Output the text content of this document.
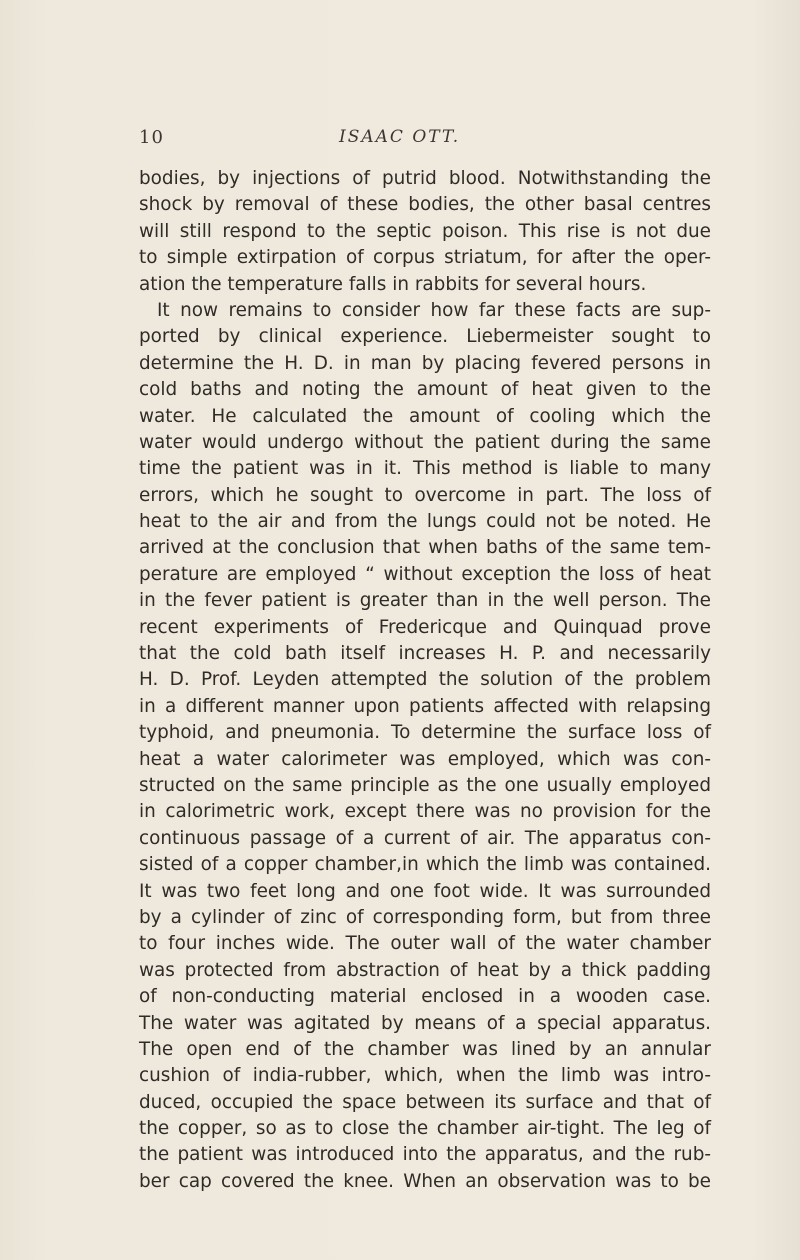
10	ISAAC OTT.
bodies, by injections of putrid blood. Notwithstanding the
shock by removal of these bodies, the other basal centres
will still respond to the septic poison. This rise is not due
to simple extirpation of corpus striatum, for after the oper-
ation the temperature falls in rabbits for several hours.
It now remains to consider how far these facts are sup-
ported by clinical experience. Liebermeister sought to
determine the H. D. in man by placing fevered persons in
cold baths and noting the amount of heat given to the
water. He calculated the amount of cooling which the
water would undergo without the patient during the same
time the patient was in it. This method is liable to many
errors, which he sought to overcome in part. The loss of
heat to the air and from the lungs could not be noted. He
arrived at the conclusion that when baths of the same tem-
perature are employed “ without exception the loss of heat
in the fever patient is greater than in the well person. The
recent experiments of Fredericque and Quinquad prove
that the cold bath itself increases H. P. and necessarily
H. D. Prof. Leyden attempted the solution of the problem
in a different manner upon patients affected with relapsing
typhoid, and pneumonia. To determine the surface loss of
heat a water calorimeter was employed, which was con-
structed on the same principle as the one usually employed
in calorimetric work, except there was no provision for the
continuous passage of a current of air. The apparatus con-
sisted of a copper chamber,in which the limb was contained.
It was two feet long and one foot wide. It was surrounded
by a cylinder of zinc of corresponding form, but from three
to four inches wide. The outer wall of the water chamber
was protected from abstraction of heat by a thick padding
of non-conducting material enclosed in a wooden case.
The water was agitated by means of a special apparatus.
The open end of the chamber was lined by an annular
cushion of india-rubber, which, when the limb was intro-
duced, occupied the space between its surface and that of
the copper, so as to close the chamber air-tight. The leg of
the patient was introduced into the apparatus, and the rub-
ber cap covered the knee. When an observation was to be
